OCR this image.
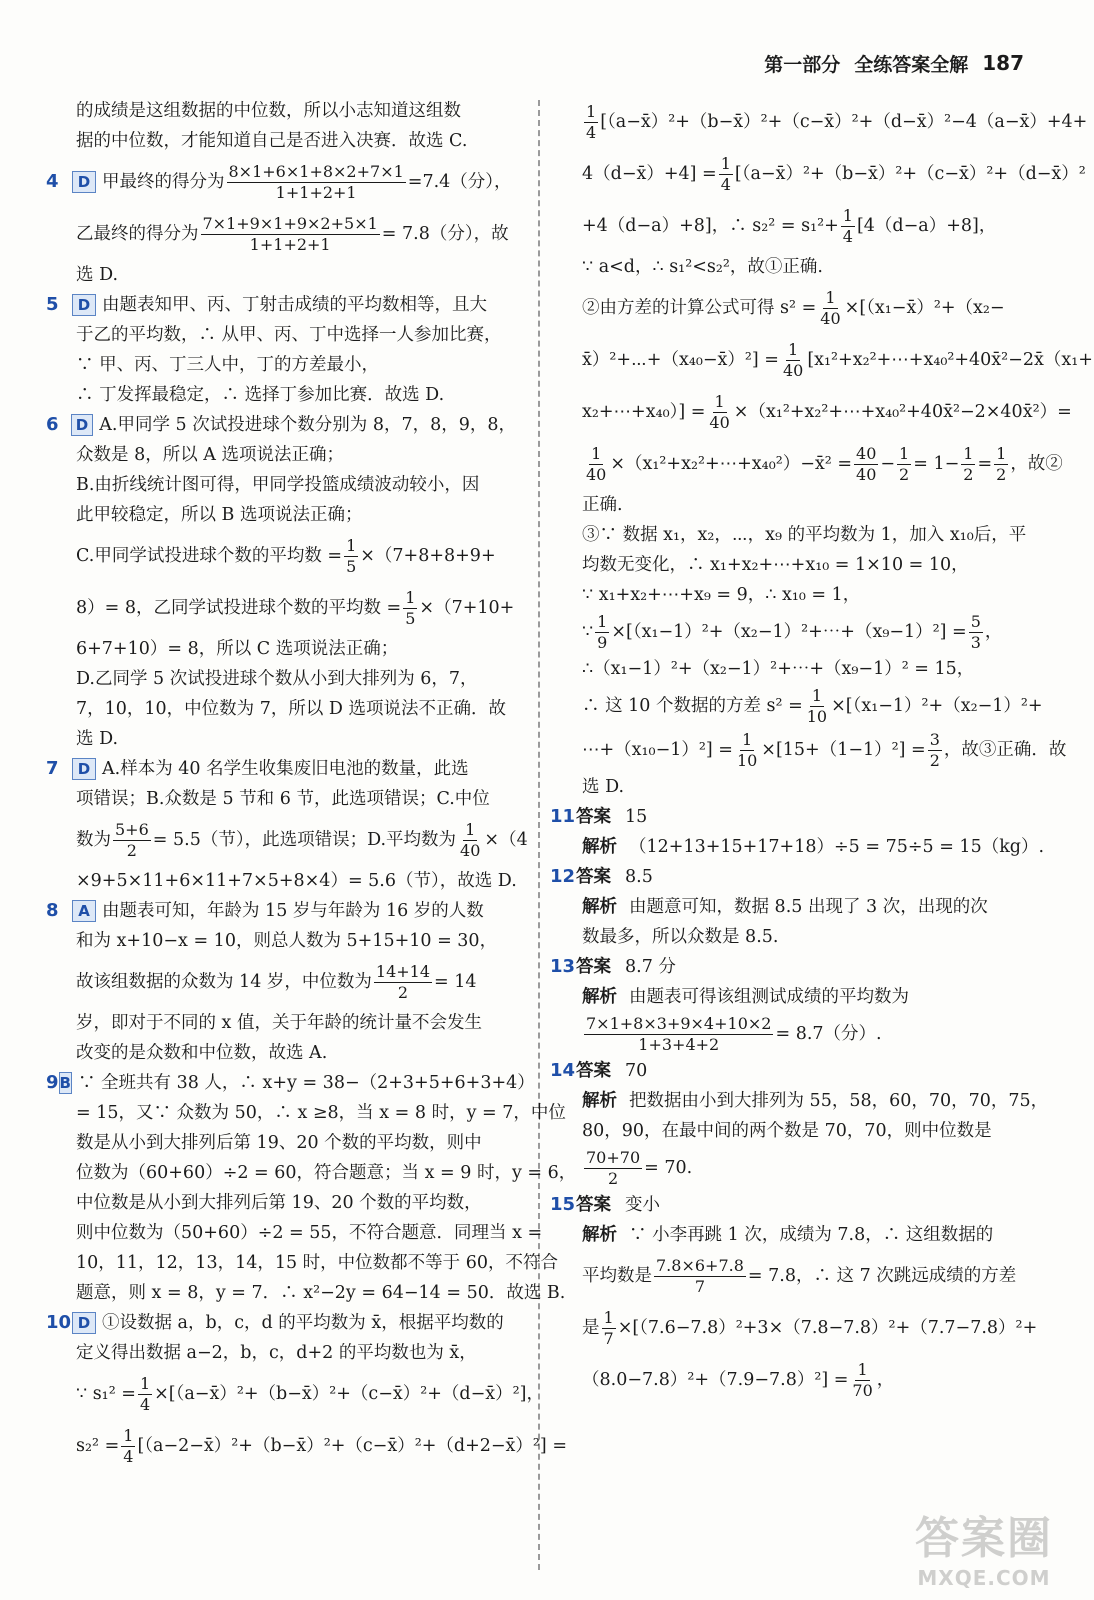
第一部分 全练答案全解 187
的成绩是这组数据的中位数，所以小志知道这组数
据的中位数，才能知道自己是否进入决赛．故选 C.
4	D 甲最终的得分为 $\frac{8\times 1+6\times 1+8\times 2+7\times 1}{1+1+2+1} =7.4$（分），
乙最终的得分为 $\frac{7\times 1+9\times 1+9\times 2+5\times 1}{1+1+2+1} = 7.8$（分），故
选 D.
5	D 由题表知甲、丙、丁射击成绩的平均数相等，且大
于乙的平均数，∴ 从甲、丙、丁中选择一人参加比赛，
∵ 甲、丙、丁三人中，丁的方差最小，
∴ 丁发挥最稳定，∴ 选择丁参加比赛．故选 D.
6	D A.甲同学 5 次试投进球个数分别为 8，7，8，9，8，
众数是 8，所以 A 选项说法正确；
B.由折线统计图可得，甲同学投篮成绩波动较小，因
此甲较稳定，所以 B 选项说法正确；
C.甲同学试投进球个数的平均数 = $\frac{1}{5} \times(7+8+8+9+$
8）= 8，乙同学试投进球个数的平均数 = $\frac{1}{5} \times(7+10+$
6+7+10）= 8，所以 C 选项说法正确；
D.乙同学 5 次试投进球个数从小到大排列为 6，7，
7，10，10，中位数为 7，所以 D 选项说法不正确．故
选 D.
7	D A.样本为 40 名学生收集废旧电池的数量，此选
项错误；B.众数是 5 节和 6 节，此选项错误；C.中位
数为 $\frac{5+6}{2} = 5.5$（节），此选项错误；D.平均数为 $\frac{1}{40} \times(4$
×9+5×11+6×11+7×5+8×4）= 5.6（节），故选 D.
8	A 由题表可知，年龄为 15 岁与年龄为 16 岁的人数
和为 x+10−x = 10，则总人数为 5+15+10 = 30，
故该组数据的众数为 14 岁，中位数为 $\frac{14+14}{2} = 14$
岁，即对于不同的 x 值，关于年龄的统计量不会发生
改变的是众数和中位数，故选 A.
9 B ∵ 全班共有 38 人，∴ x+y = 38−（2+3+5+6+3+4）
= 15，又∵ 众数为 50，∴ x ≥8，当 x = 8 时，y = 7，中位
数是从小到大排列后第 19、20 个数的平均数，则中
位数为（60+60）÷2 = 60，符合题意；当 x = 9 时，y = 6，
中位数是从小到大排列后第 19、20 个数的平均数，
则中位数为（50+60）÷2 = 55，不符合题意．同理当 x =
10，11，12，13，14，15 时，中位数都不等于 60，不符合
题意，则 x = 8，y = 7．∴ x²−2y = 64−14 = 50．故选 B.
10 D ①设数据 a，b，c，d 的平均数为 x̄，根据平均数的
定义得出数据 a−2，b，c，d+2 的平均数也为 x̄，
∵ $s_1^2 = \frac{1}{4}$ ×[（a−x̄）²+（b−x̄）²+（c−x̄）²+（d−x̄）²]，
$s_2^2 = \frac{1}{4}$ [（a−2−x̄）²+（b−x̄）²+（c−x̄）²+（d+2−x̄）²] =
$\frac{1}{4}$ [（a−x̄）²+（b−x̄）²+（c−x̄）²+（d−x̄）²−4（a−x̄）+4+
4（d−x̄）+4] = $\frac{1}{4}$ [（a−x̄）²+（b−x̄）²+（c−x̄）²+（d−x̄）²
+4（d−a）+8]，∴ $s_2^2 = s_1^2+ \frac{1}{4} [4(d-a)+8]$，
∵ a<d，∴ s₁²<s₂²，故①正确.
②由方差的计算公式可得 $s^2 = \frac{1}{40}$ ×[（x₁−x̄）²+（x₂−
x̄）²+⋯+（x₄₀−x̄）²] = $\frac{1}{40}$ [x₁²+x₂²+⋯+x₄₀²+40x̄²−2x̄（x₁+
x₂+⋯+x₄₀）] = $\frac{1}{40}$ ×（x₁²+x₂²+⋯+x₄₀²+40x̄²−2×40x̄²）=
$\frac{1}{40}$ ×（x₁²+x₂²+⋯+x₄₀²）−x̄² = $\frac{40}{40} - \frac{1}{2} = 1- \frac{1}{2} = \frac{1}{2}$ ，故②
正确.
③∵ 数据 x₁，x₂，⋯，x₉ 的平均数为 1，加入 x₁₀后，平
均数无变化，∴ x₁+x₂+⋯+x₁₀ = 1×10 = 10，
∵ x₁+x₂+⋯+x₉ = 9，∴ x₁₀ = 1，
∵ $\frac{1}{9}$ ×[（x₁−1）²+（x₂−1）²+⋯+（x₉−1）²] = $\frac{5}{3}$ ，
∴（x₁−1）²+（x₂−1）²+⋯+（x₉−1）² = 15，
∴ 这 10 个数据的方差 $s^2 = \frac{1}{10} \times[(x_1-1)^2+(x_2-1)^2+$
⋯+（x₁₀−1）²] = $\frac{1}{10} \times[15+(1-1)^2] = \frac{3}{2}$ ，故③正确．故
选 D.
11 答案 15
解析 （12+13+15+17+18）÷5 = 75÷5 = 15（kg）.
12 答案 8.5
解析 由题意可知，数据 8.5 出现了 3 次，出现的次
数最多，所以众数是 8.5.
13 答案 8.7 分
解析 由题表可得该组测试成绩的平均数为
$\frac{7\times 1+8\times 3+9\times 4+10\times 2}{1+3+4+2} = 8.7$（分）.
14 答案 70
解析 把数据由小到大排列为 55，58，60，70，70，75，
80，90，在最中间的两个数是 70，70，则中位数是
$\frac{70+70}{2} = 70$.
15 答案 变小
解析 ∵ 小李再跳 1 次，成绩为 7.8，∴ 这组数据的
平均数是 $\frac{7.8\times 6+7.8}{7} = 7.8$，∴ 这 7 次跳远成绩的方差
是 $\frac{1}{7} \times[(7.6-7.8)^2+3\times(7.8-7.8)^2+(7.7-7.8)^2+$
$(8.0-7.8)^2+(7.9-7.8)^2] = \frac{1}{70}$ ，
答案圈
MXQE.COM
